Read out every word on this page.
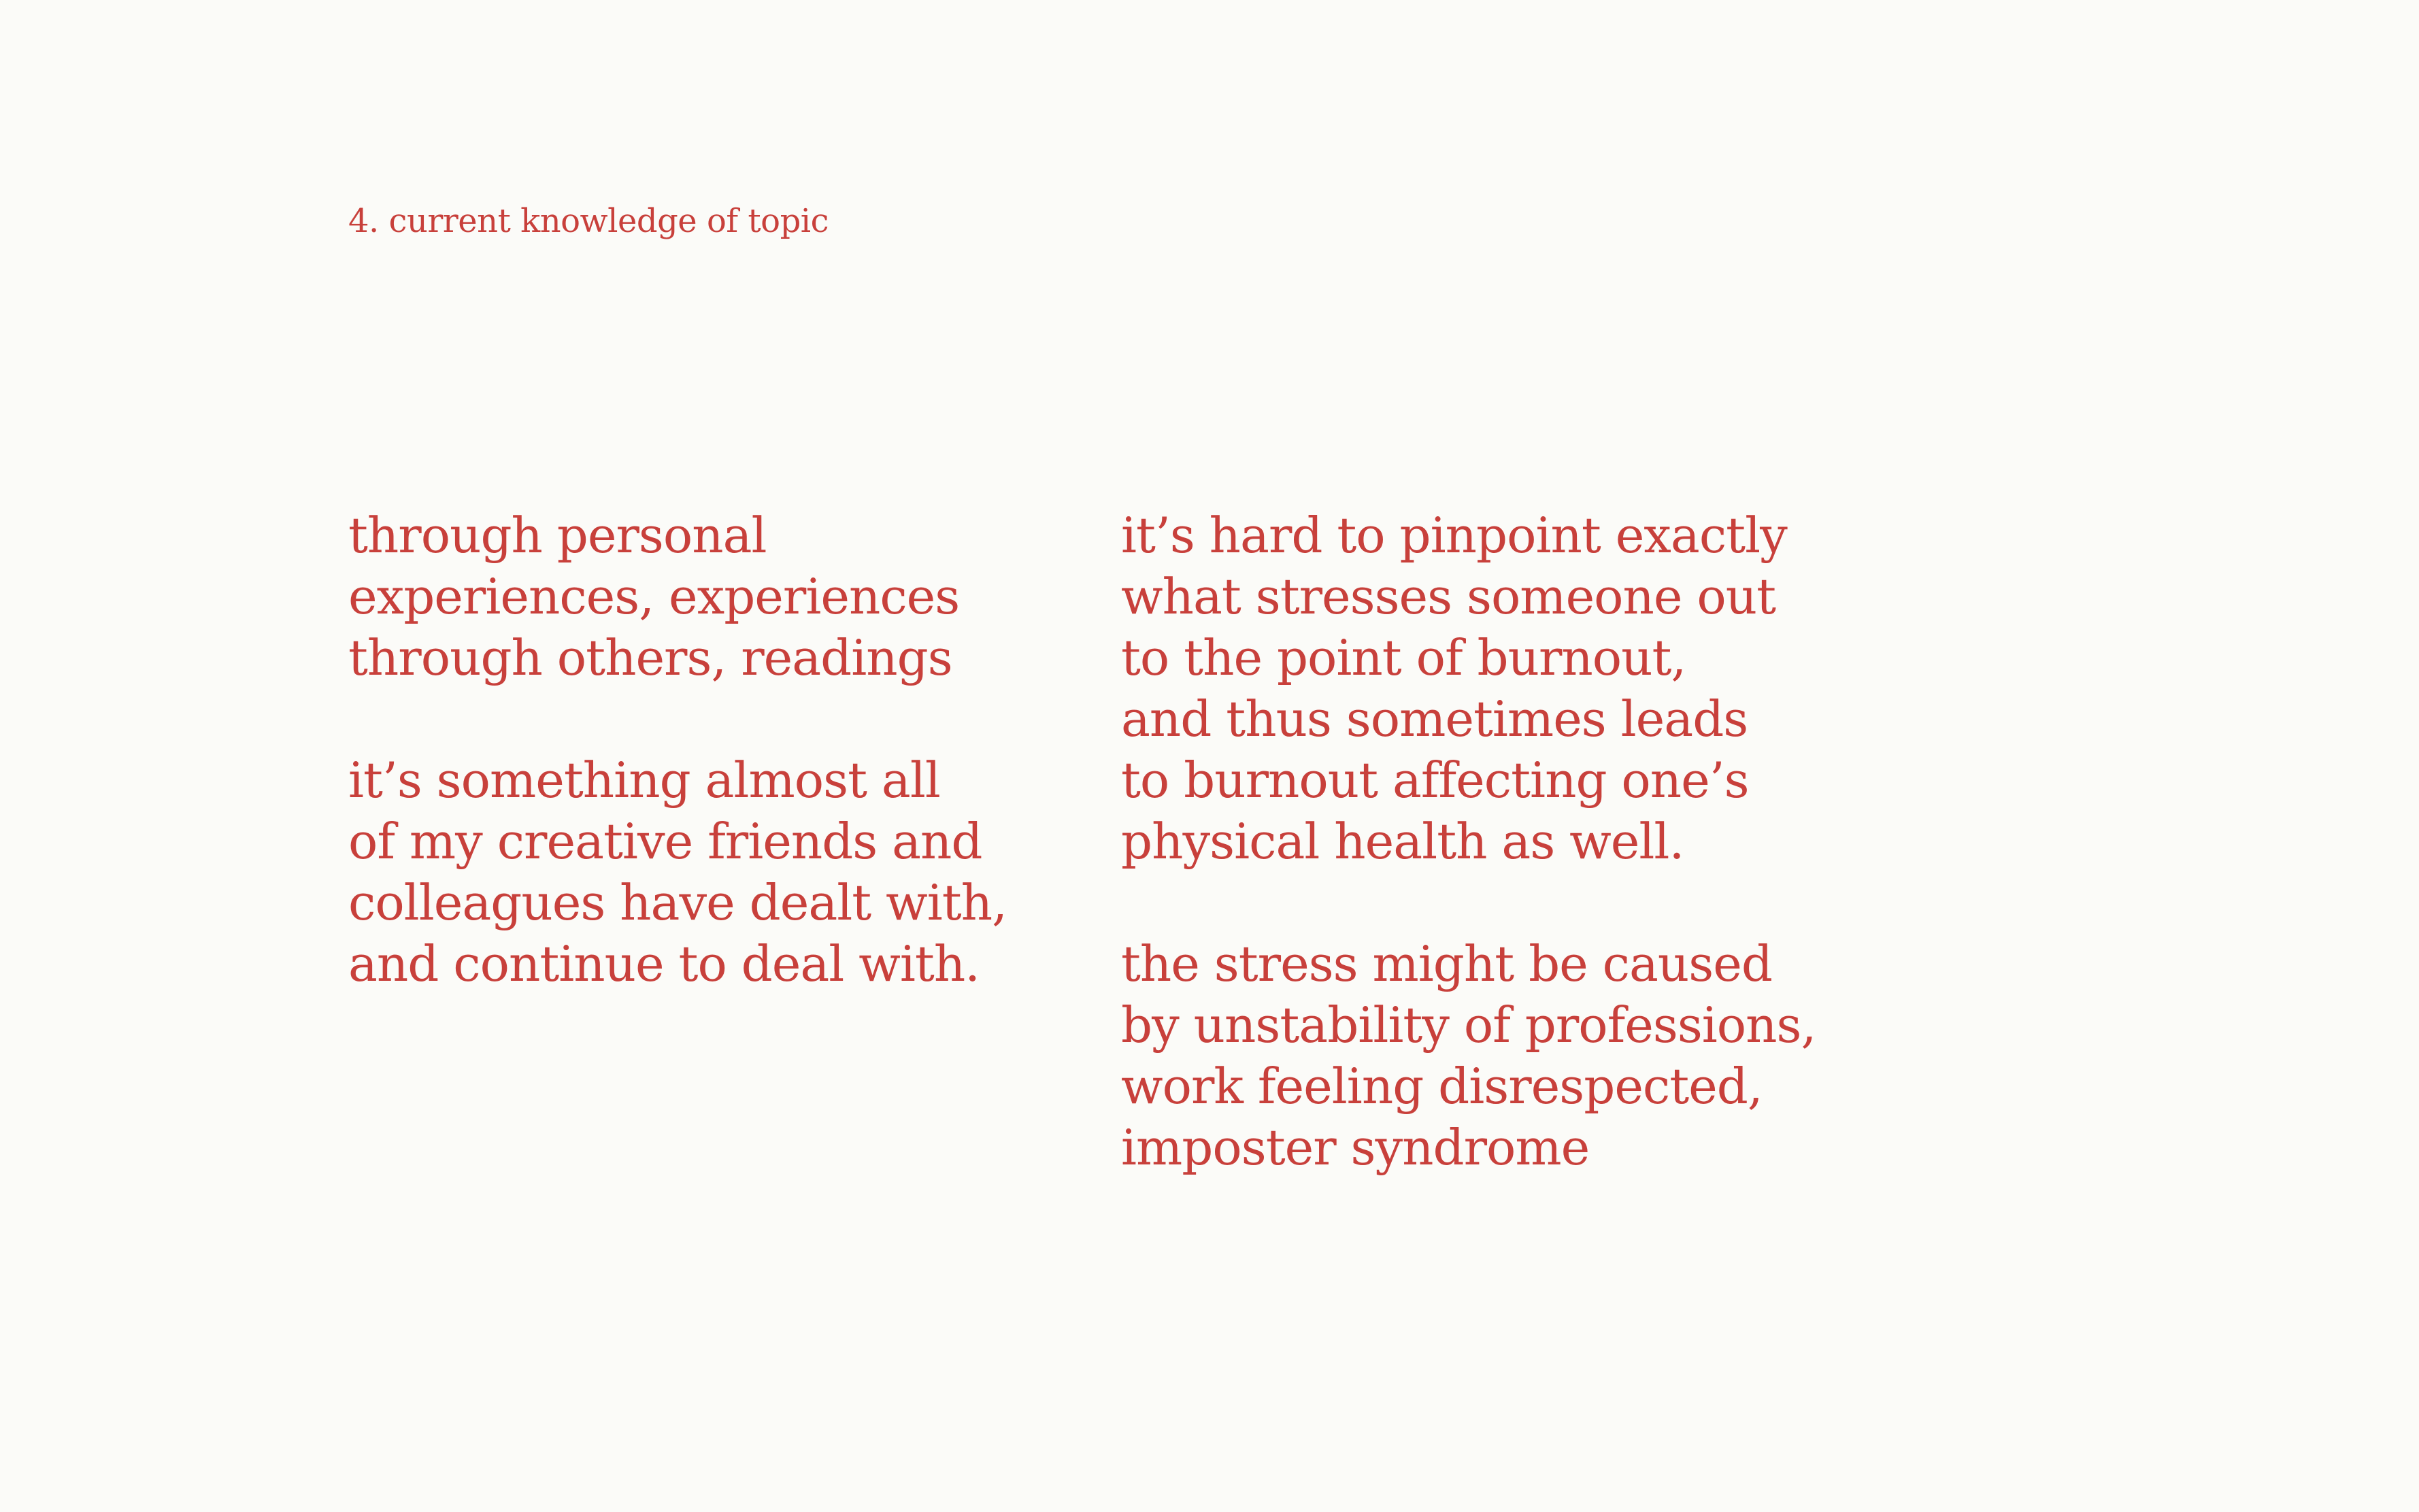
4. current knowledge of topic

through personal
experiences, experiences
through others, readings

it’s something almost all
of my creative friends and
colleagues have dealt with,
and continue to deal with.

it’s hard to pinpoint exactly
what stresses someone out
to the point of burnout,
and thus sometimes leads
to burnout affecting one’s
physical health as well.

the stress might be caused
by unstability of professions,
work feeling disrespected,
imposter syndrome
